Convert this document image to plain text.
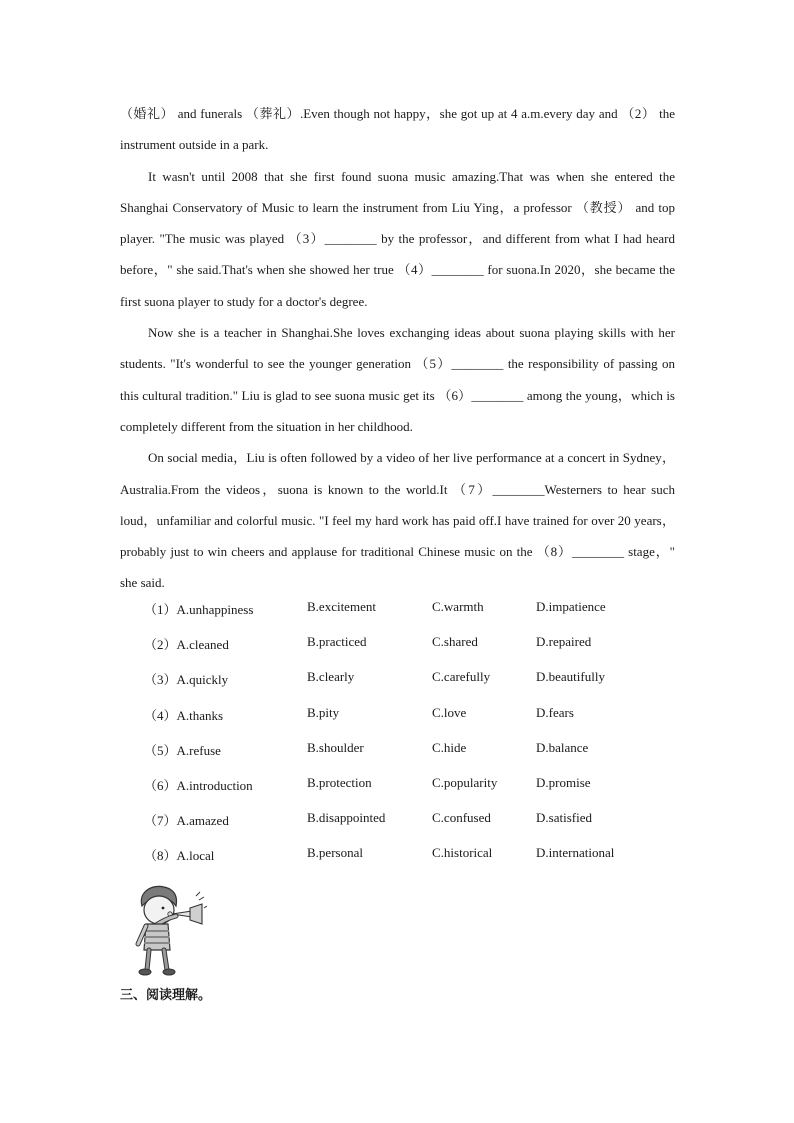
（婚礼） and funerals （葬礼）.Even though not happy，she got up at 4 a.m.every day and （2） the instrument outside in a park.

It wasn't until 2008 that she first found suona music amazing.That was when she entered the Shanghai Conservatory of Music to learn the instrument from Liu Ying，a professor （教授） and top player. "The music was played （3）________ by the professor，and different from what I had heard before，" she said.That's when she showed her true （4）________ for suona.In 2020，she became the first suona player to study for a doctor's degree.

Now she is a teacher in Shanghai.She loves exchanging ideas about suona playing skills with her students. "It's wonderful to see the younger generation （5）________ the responsibility of passing on this cultural tradition." Liu is glad to see suona music get its （6）________ among the young，which is completely different from the situation in her childhood.

On social media，Liu is often followed by a video of her live performance at a concert in Sydney，Australia.From the videos，suona is known to the world.It （7）________Westerners to hear such loud，unfamiliar and colorful music. "I feel my hard work has paid off.I have trained for over 20 years，probably just to win cheers and applause for traditional Chinese music on the （8）________ stage，" she said.

（1）A.unhappiness	B.excitement	C.warmth	D.impatience
（2）A.cleaned	B.practiced	C.shared	D.repaired
（3）A.quickly	B.clearly	C.carefully	D.beautifully
（4）A.thanks	B.pity	C.love	D.fears
（5）A.refuse	B.shoulder	C.hide	D.balance
（6）A.introduction	B.protection	C.popularity	D.promise
（7）A.amazed	B.disappointed	C.confused	D.satisfied
（8）A.local	B.personal	C.historical	D.international
三、阅读理解。
